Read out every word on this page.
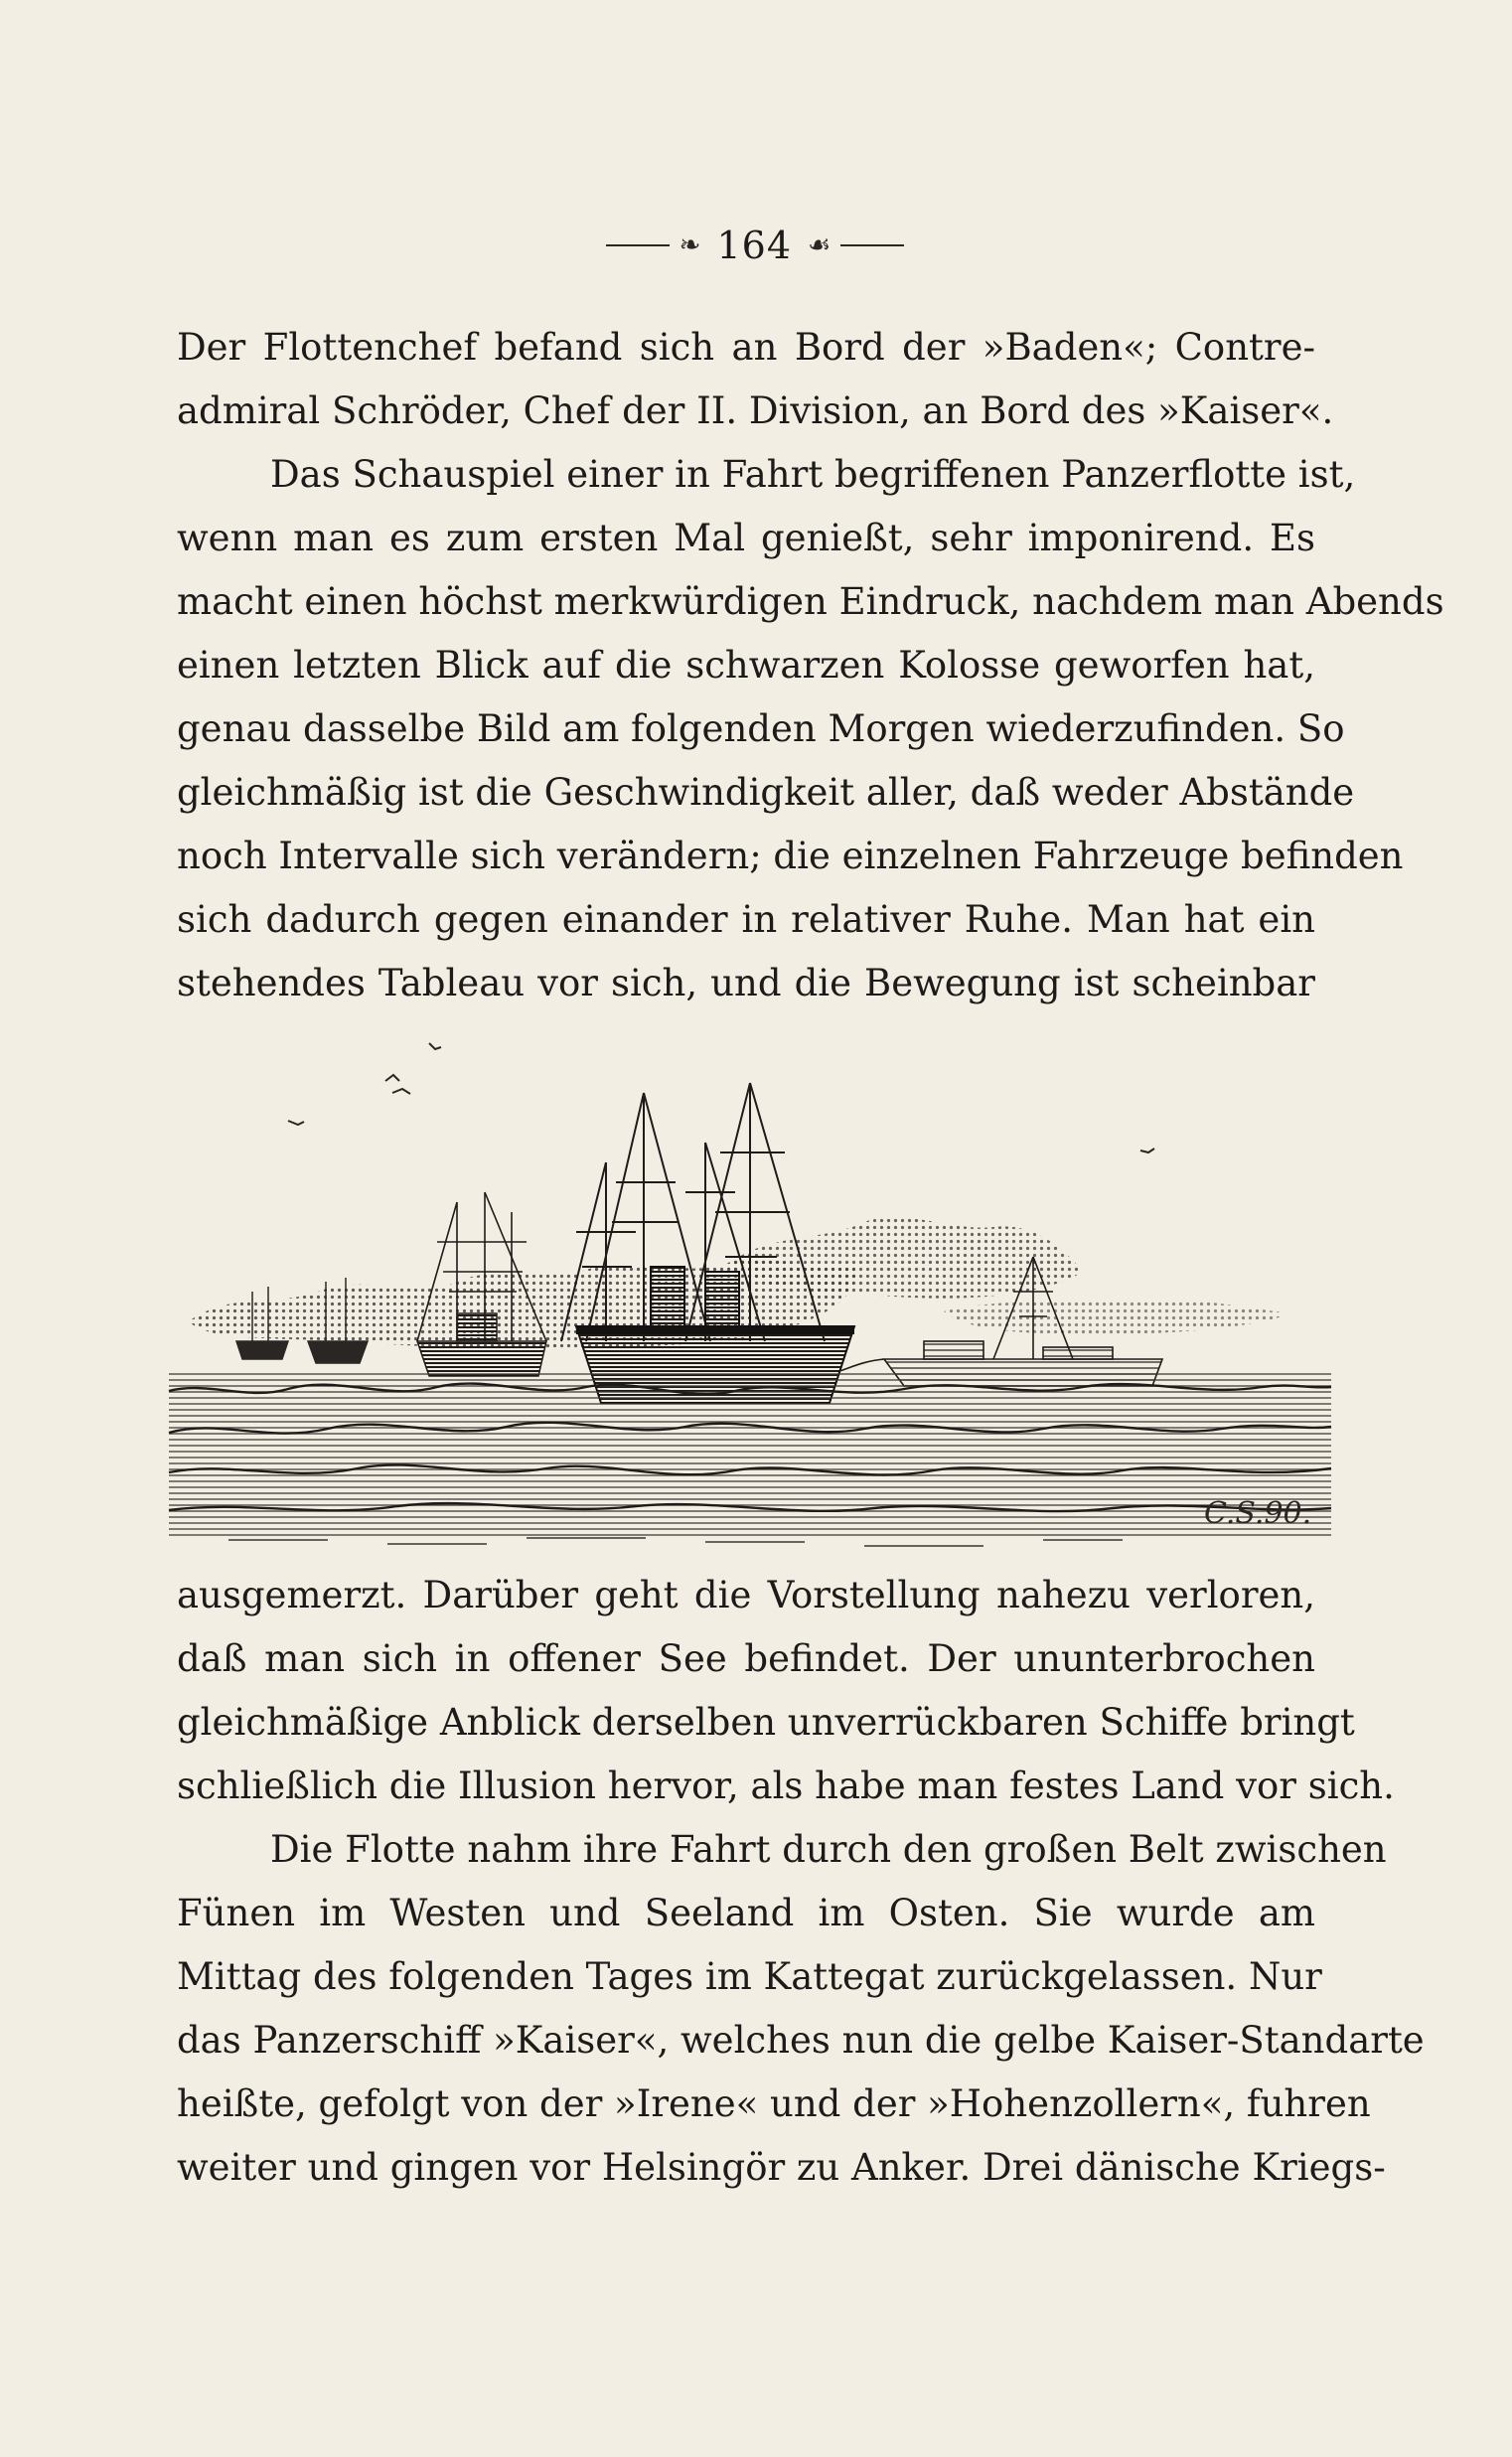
❧ 164 ☙
Der Flottenchef befand sich an Bord der »Baden«; Contre-
admiral Schröder, Chef der II. Division, an Bord des »Kaiser«.
Das Schauspiel einer in Fahrt begriffenen Panzerflotte ist,
wenn man es zum ersten Mal genießt, sehr imponirend. Es
macht einen höchst merkwürdigen Eindruck, nachdem man Abends
einen letzten Blick auf die schwarzen Kolosse geworfen hat,
genau dasselbe Bild am folgenden Morgen wiederzufinden. So
gleichmäßig ist die Geschwindigkeit aller, daß weder Abstände
noch Intervalle sich verändern; die einzelnen Fahrzeuge befinden
sich dadurch gegen einander in relativer Ruhe. Man hat ein
stehendes Tableau vor sich, und die Bewegung ist scheinbar
C.S.90.
ausgemerzt. Darüber geht die Vorstellung nahezu verloren,
daß man sich in offener See befindet. Der ununterbrochen
gleichmäßige Anblick derselben unverrückbaren Schiffe bringt
schließlich die Illusion hervor, als habe man festes Land vor sich.
Die Flotte nahm ihre Fahrt durch den großen Belt zwischen
Fünen im Westen und Seeland im Osten. Sie wurde am
Mittag des folgenden Tages im Kattegat zurückgelassen. Nur
das Panzerschiff »Kaiser«, welches nun die gelbe Kaiser-Standarte
heißte, gefolgt von der »Irene« und der »Hohenzollern«, fuhren
weiter und gingen vor Helsingör zu Anker. Drei dänische Kriegs-
